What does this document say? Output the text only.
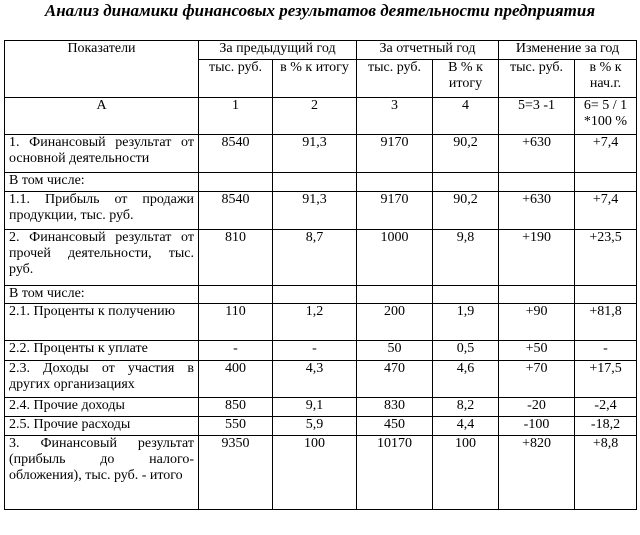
Анализ динамики финансовых результатов деятельности предприятия
Показатели	За предыдущий год		За отчетный год		Изменение за год	
	тыс. руб.	в % к итогу	тыс. руб.	В % к итогу	тыс. руб.	в % к нач.г.
А	1	2	3	4	5=3 -1	6= 5 / 1 *100 %
1. Финансовый результат от основной деятельности	8540	91,3	9170	90,2	+630	+7,4
В том числе:						
1.1. Прибыль от продажи продукции, тыс. руб.	8540	91,3	9170	90,2	+630	+7,4
2. Финансовый результат от прочей деятельности, тыс. руб.	810	8,7	1000	9,8	+190	+23,5
В том числе:						
2.1. Проценты к получению	110	1,2	200	1,9	+90	+81,8
2.2. Проценты к уплате	-	-	50	0,5	+50	-
2.3. Доходы от участия в других организациях	400	4,3	470	4,6	+70	+17,5
2.4. Прочие доходы	850	9,1	830	8,2	-20	-2,4
2.5. Прочие расходы	550	5,9	450	4,4	-100	-18,2
3. Финансовый результат (прибыль до налого-обложения), тыс. руб. - итого	9350	100	10170	100	+820	+8,8
